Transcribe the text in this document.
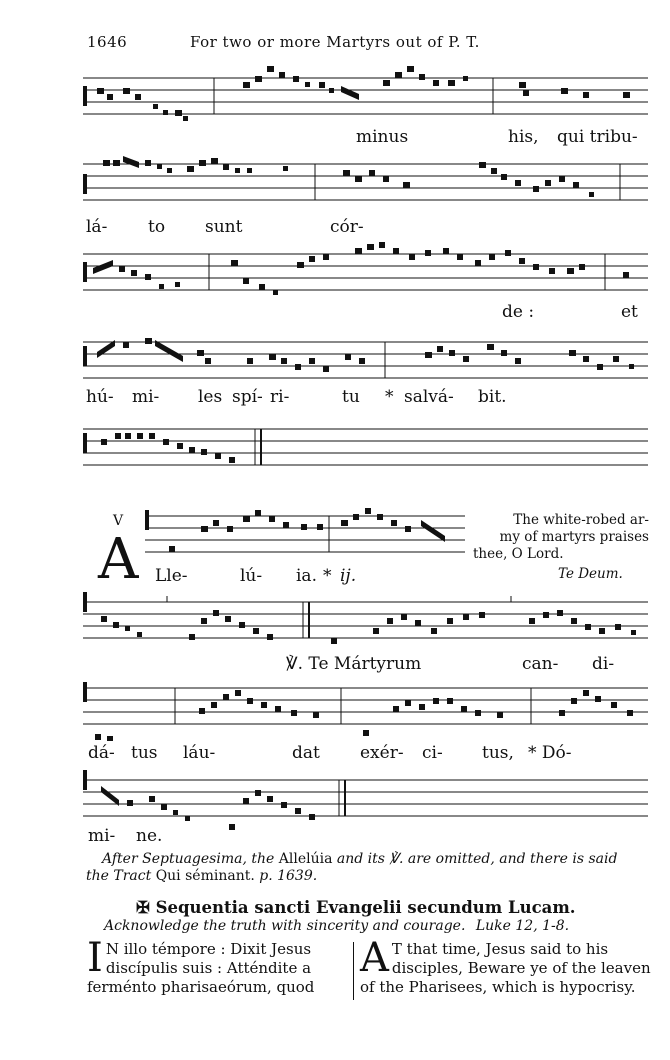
1646	For two or more Martyrs out of P. T.
minus	his, qui tribu-
lá- to sunt	cór-
de :	et
hú- mi- les spí- ri-	tu * salvá- bit.
V
A Lle-	lú- ia. * ij.
The white-robed ar-
my of martyrs praises
thee, O Lord.
Te Deum.
℣. Te Mártyrum	can- di-
dá- tus láu-	dat exér- ci- tus, * Dó-
mi- ne.
After Septuagesima, the Allelúia and its ℣. are omitted, and there is said
the Tract Qui séminant. p. 1639.
✠ Sequentia sancti Evangelii secundum Lucam.
Acknowledge the truth with sincerity and courage. Luke 12, 1-8.
I N illo témpore : Dixit Jesus
discípulis suis : Atténdite a
ferménto pharisaeórum, quod
A T that time, Jesus said to his
disciples, Beware ye of the leaven
of the Pharisees, which is hypocrisy.
